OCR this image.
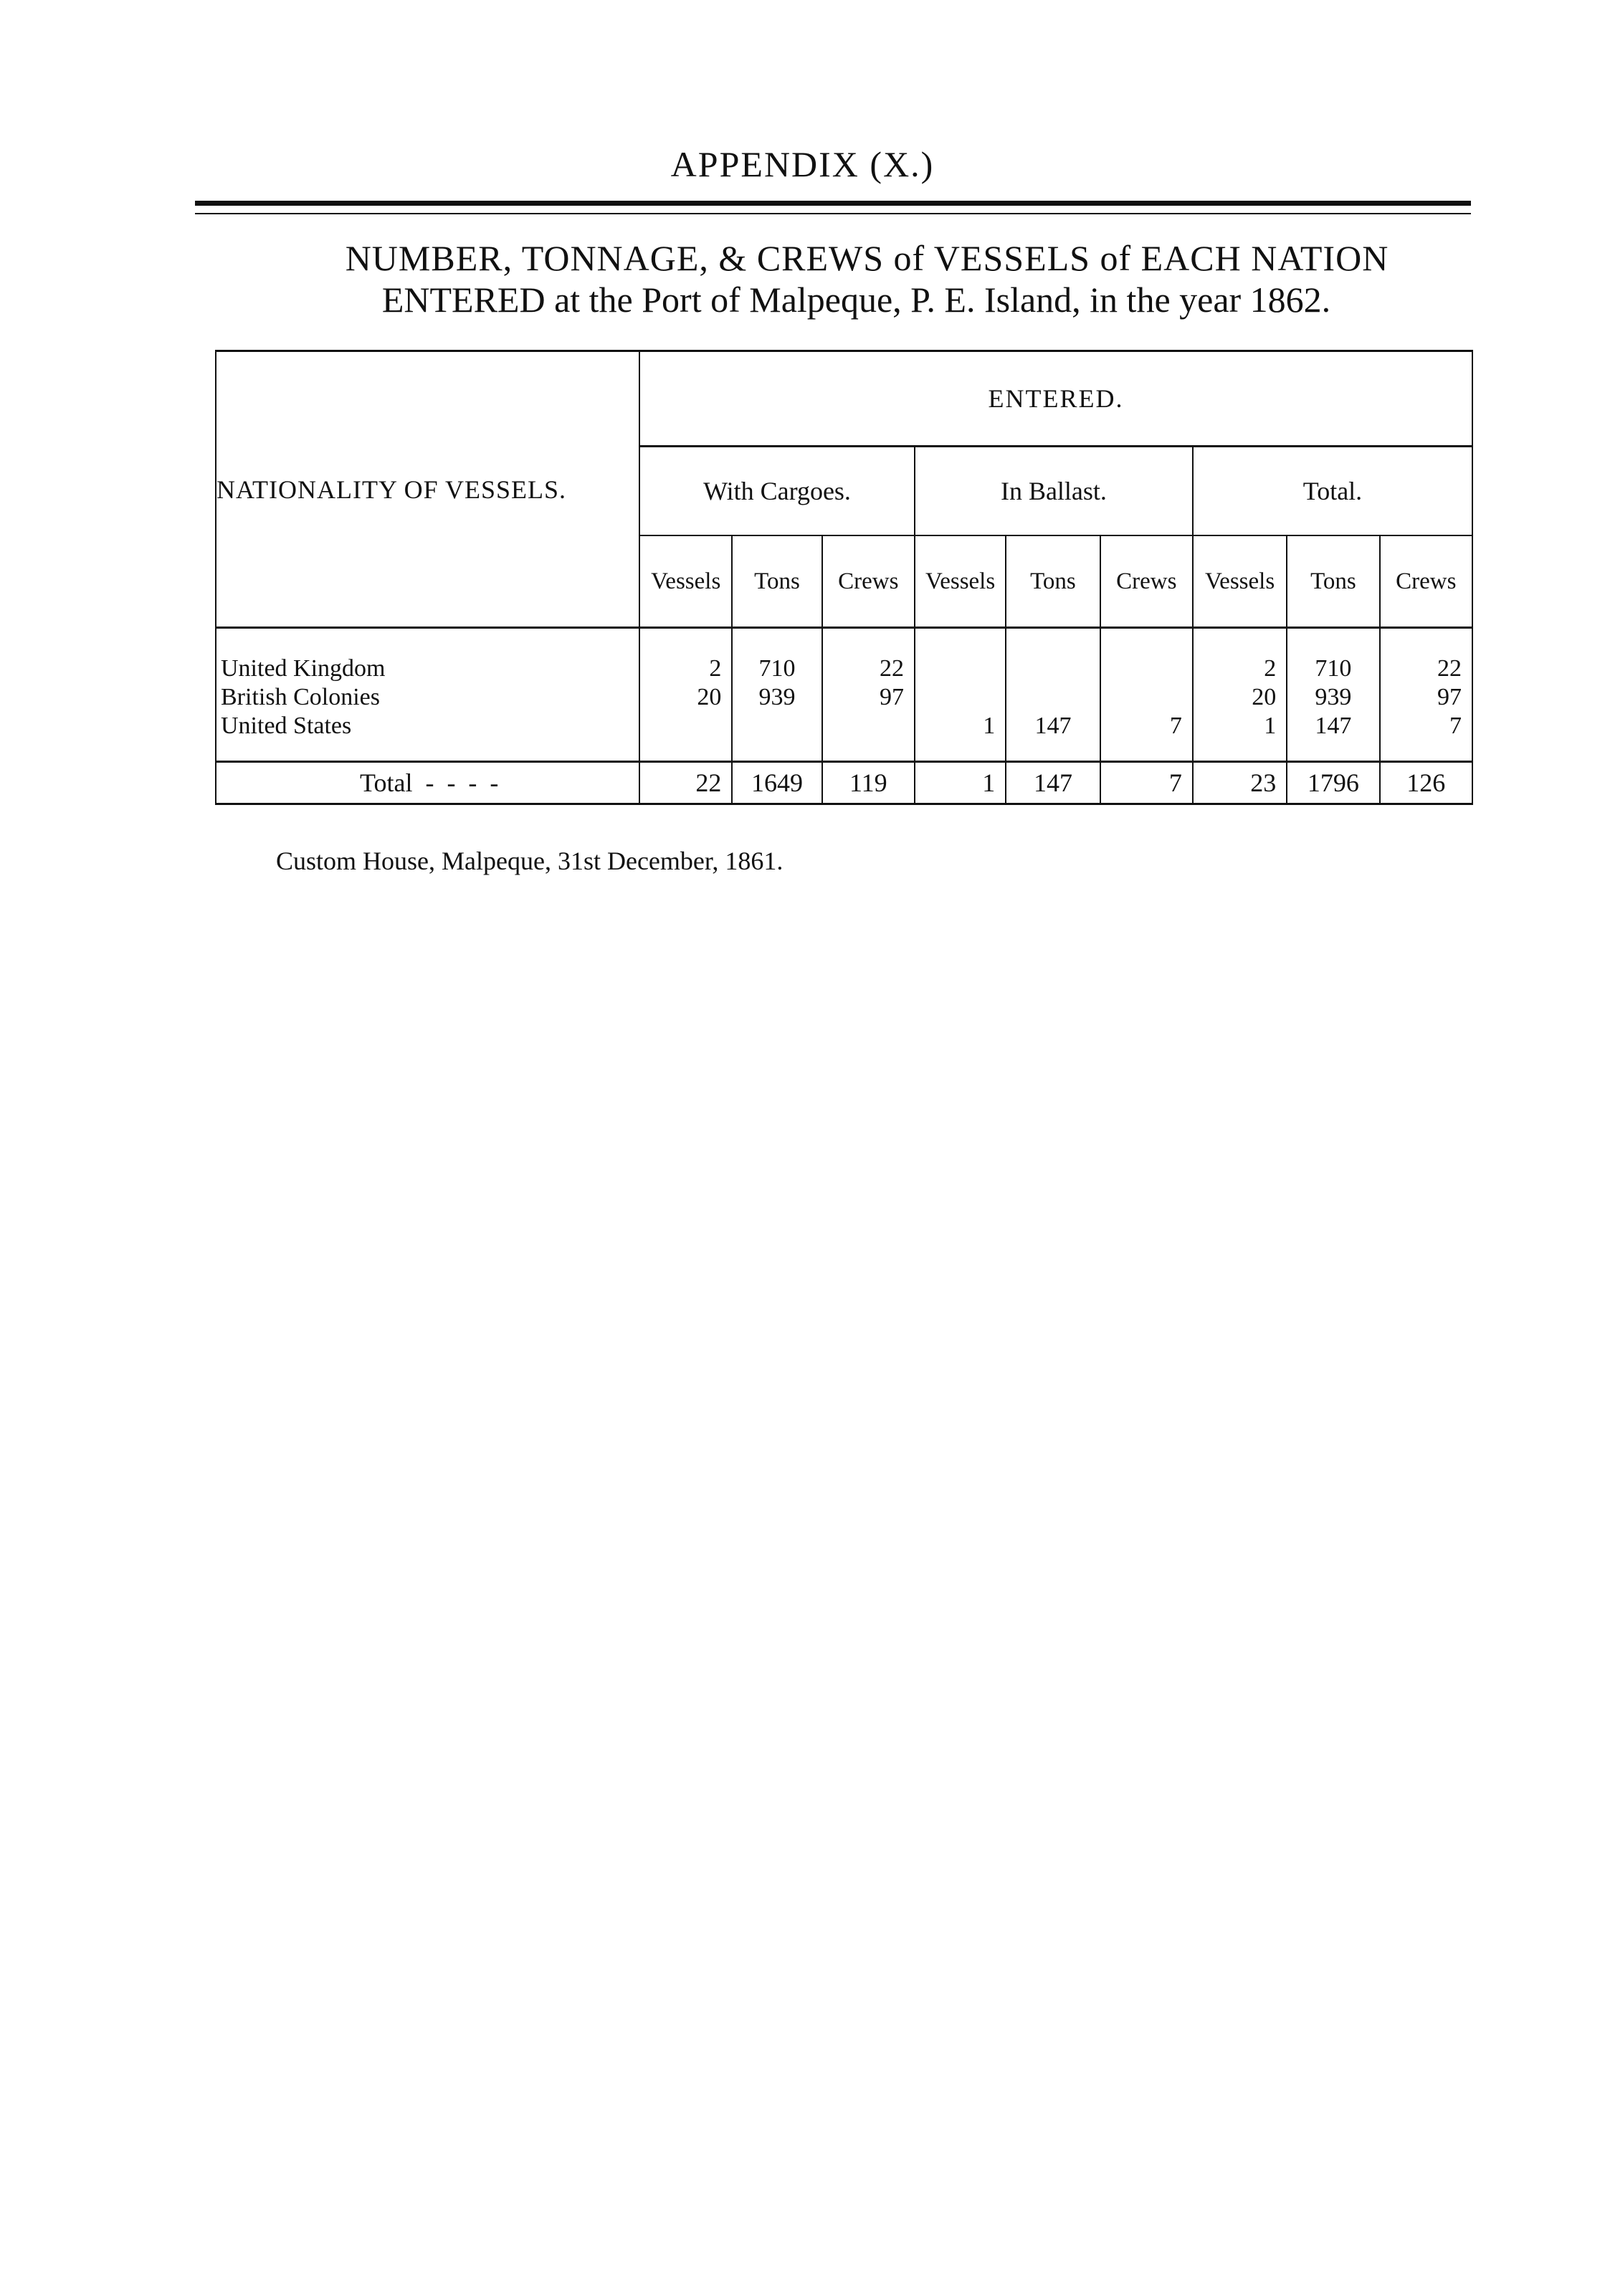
APPENDIX (X.)
NUMBER, TONNAGE, & CREWS of VESSELS of EACH NATION
ENTERED at the Port of Malpeque, P. E. Island, in the year 1862.
NATIONALITY OF VESSELS.	ENTERED.								
	With Cargoes.			In Ballast.			Total.		
	Vessels	Tons	Crews	Vessels	Tons	Crews	Vessels	Tons	Crews

United Kingdom	2	710	22				2	710	22
British Colonies	20	939	97				20	939	97
United States				1	147	7	1	147	7

Total  -  -  -  -	22	1649	119	1	147	7	23	1796	126
Custom House, Malpeque, 31st December, 1861.
